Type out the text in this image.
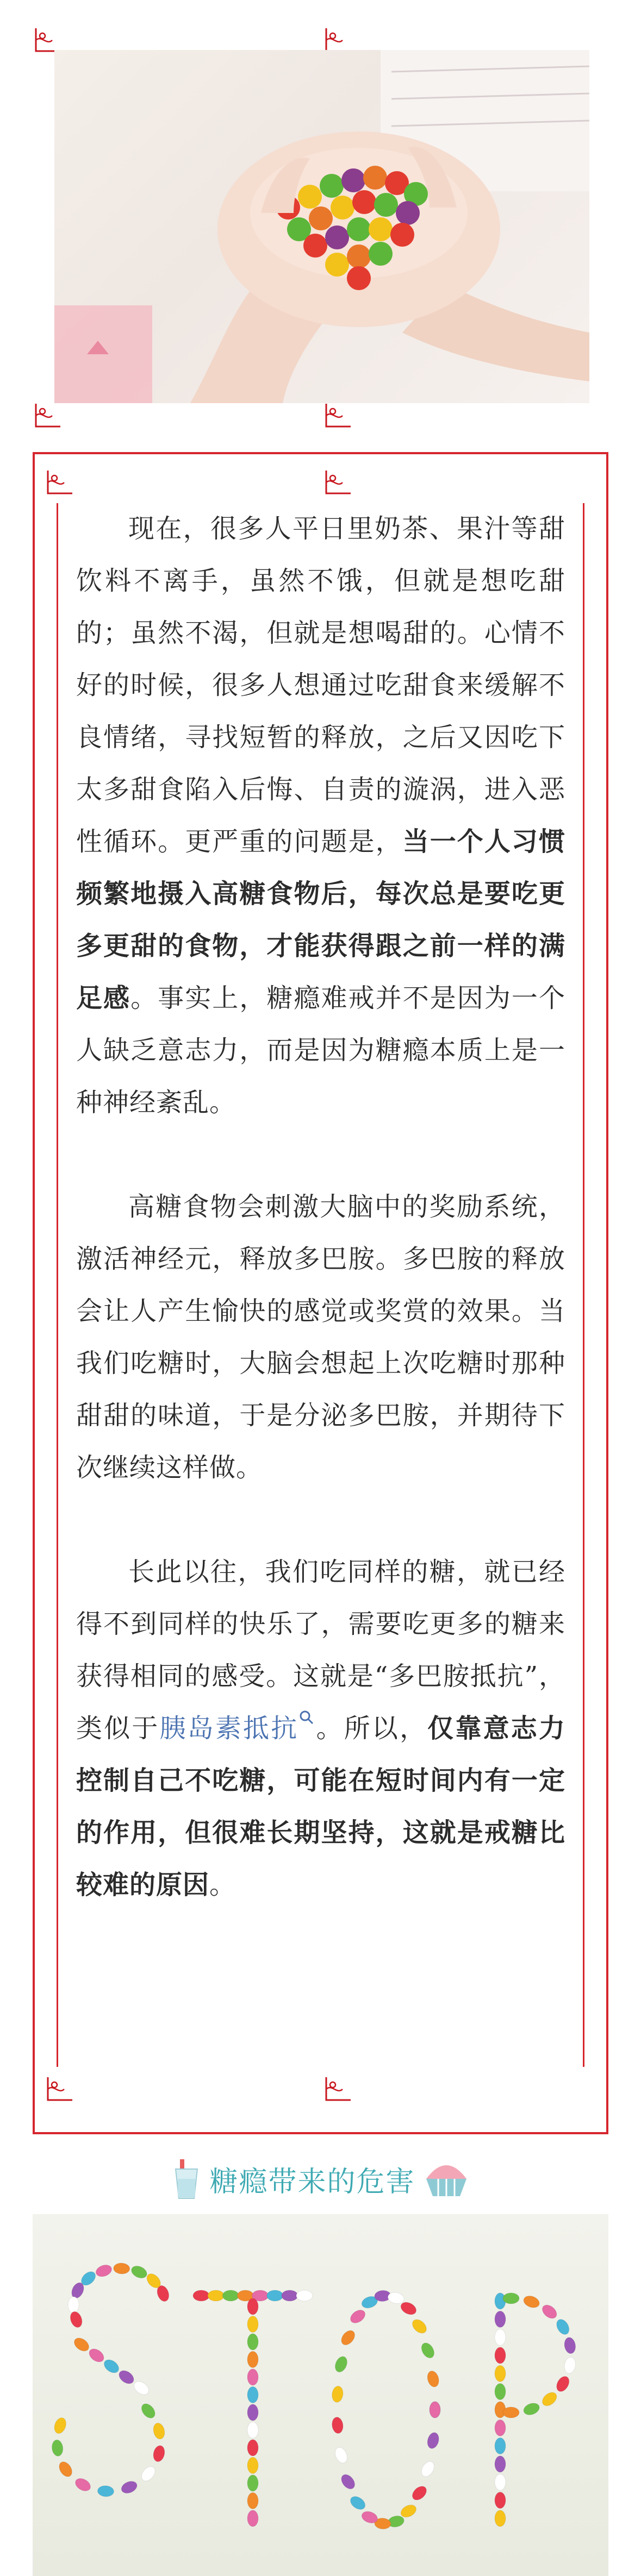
现在，很多人平日里奶茶、果汁等甜饮料不离手，虽然不饿，但就是想吃甜的；虽然不渴，但就是想喝甜的。心情不好的时候，很多人想通过吃甜食来缓解不良情绪，寻找短暂的释放，之后又因吃下太多甜食陷入后悔、自责的漩涡，进入恶性循环。更严重的问题是，当一个人习惯频繁地摄入高糖食物后，每次总是要吃更多更甜的食物，才能获得跟之前一样的满足感。事实上，糖瘾难戒并不是因为一个人缺乏意志力，而是因为糖瘾本质上是一种神经紊乱。

高糖食物会刺激大脑中的奖励系统，激活神经元，释放多巴胺。多巴胺的释放会让人产生愉快的感觉或奖赏的效果。当我们吃糖时，大脑会想起上次吃糖时那种甜甜的味道，于是分泌多巴胺，并期待下次继续这样做。

长此以往，我们吃同样的糖，就已经得不到同样的快乐了，需要吃更多的糖来获得相同的感受。这就是“多巴胺抵抗”，类似于胰岛素抵抗 。所以，仅靠意志力控制自己不吃糖，可能在短时间内有一定的作用，但很难长期坚持，这就是戒糖比较难的原因。

糖瘾带来的危害
